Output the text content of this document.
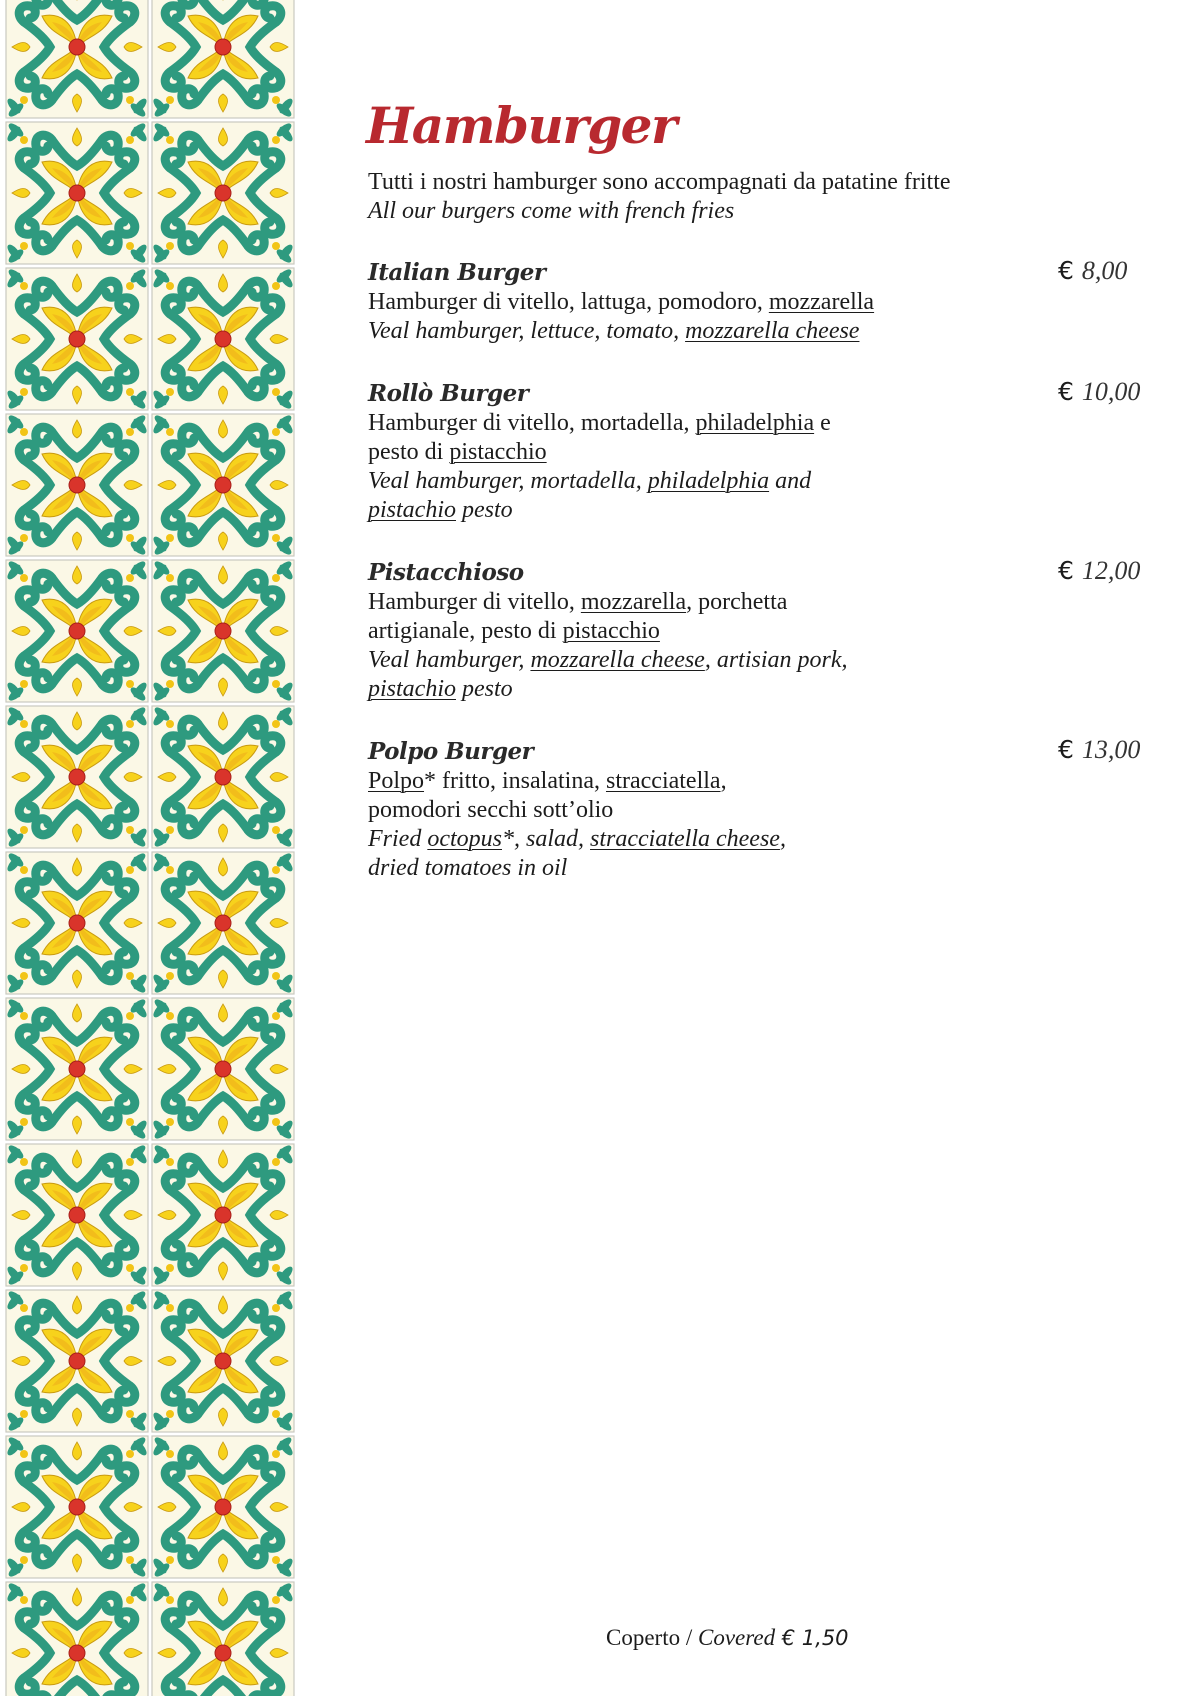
Hamburger
Tutti i nostri hamburger sono accompagnati da patatine fritte
All our burgers come with french fries
Italian Burger	€ 8,00
Hamburger di vitello, lattuga, pomodoro, mozzarella
Veal hamburger, lettuce, tomato, mozzarella cheese
Rollò Burger	€ 10,00
Hamburger di vitello, mortadella, philadelphia e
pesto di pistacchio
Veal hamburger, mortadella, philadelphia and
pistachio pesto
Pistacchioso	€ 12,00
Hamburger di vitello, mozzarella, porchetta
artigianale, pesto di pistacchio
Veal hamburger, mozzarella cheese, artisian pork,
pistachio pesto
Polpo Burger	€ 13,00
Polpo* fritto, insalatina, stracciatella,
pomodori secchi sott’olio
Fried octopus*, salad, stracciatella cheese,
dried tomatoes in oil
Coperto / Covered € 1,50
